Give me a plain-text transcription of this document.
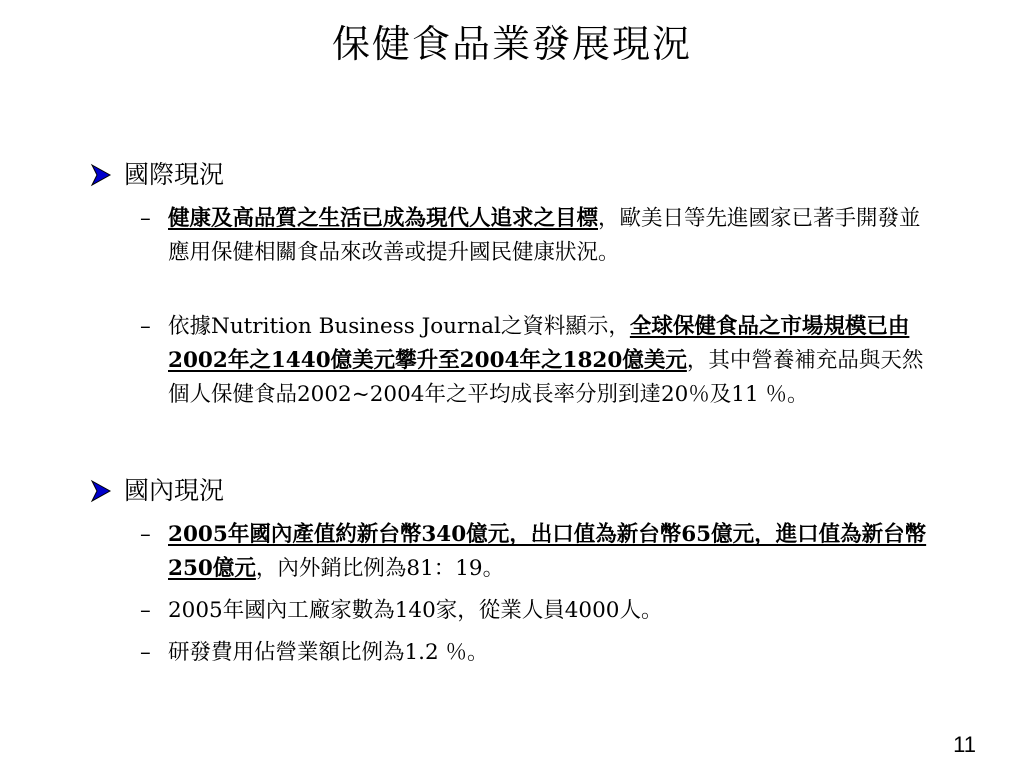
保健食品業發展現況
國際現況
– 健康及高品質之生活已成為現代人追求之目標，歐美日等先進國家已著手開發並應用保健相關食品來改善或提升國民健康狀況。
– 依據Nutrition Business Journal之資料顯示，全球保健食品之市場規模已由2002年之1440億美元攀升至2004年之1820億美元，其中營養補充品與天然個人保健食品2002~2004年之平均成長率分別到達20％及11 ％。
國內現況
– 2005年國內產值約新台幣340億元，出口值為新台幣65億元，進口值為新台幣250億元，內外銷比例為81：19。
– 2005年國內工廠家數為140家，從業人員4000人。
– 研發費用佔營業額比例為1.2 ％。
11
